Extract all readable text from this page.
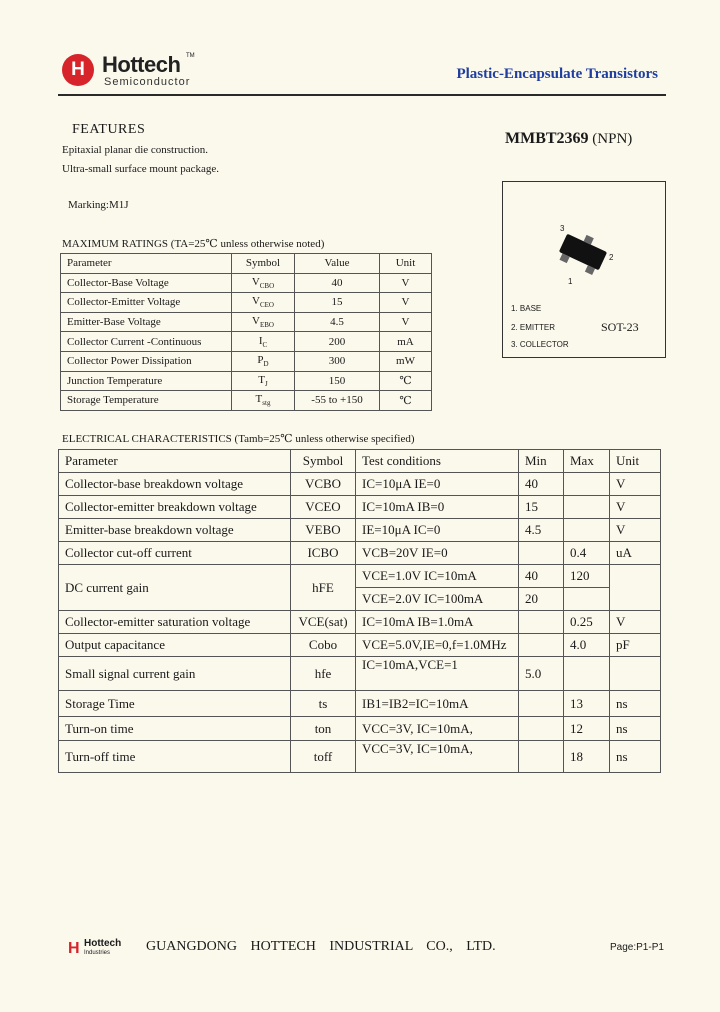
H Hottech TM
Semiconductor	Plastic-Encapsulate Transistors
FEATURES
Epitaxial planar die construction.
Ultra-small surface mount package.
Marking:M1J
MMBT2369 (NPN)
3
2
1
1. BASE
2. EMITTER
3. COLLECTOR
SOT-23
MAXIMUM RATINGS (TA=25℃ unless otherwise noted)
Parameter	Symbol	Value	Unit
Collector-Base Voltage	$V_{CBO}$	40	V
Collector-Emitter Voltage	$V_{CEO}$	15	V
Emitter-Base Voltage	$V_{EBO}$	4.5	V
Collector Current -Continuous	$I_C$	200	mA
Collector Power Dissipation	$P_D$	300	mW
Junction Temperature	$T_J$	150	℃
Storage Temperature	$T_{stg}$	-55 to +150	℃
ELECTRICAL CHARACTERISTICS (Tamb=25℃ unless otherwise specified)
Parameter	Symbol	Test conditions	Min	Max	Unit
Collector-base breakdown voltage	VCBO	IC=10μA IE=0	40		V
Collector-emitter breakdown voltage	VCEO	IC=10mA IB=0	15		V
Emitter-base breakdown voltage	VEBO	IE=10μA IC=0	4.5		V
Collector cut-off current	ICBO	VCB=20V IE=0		0.4	uA
DC current gain	hFE	VCE=1.0V IC=10mA	40	120	
		VCE=2.0V IC=100mA	20		
Collector-emitter saturation voltage	VCE(sat)	IC=10mA IB=1.0mA		0.25	V
Output capacitance	Cobo	VCE=5.0V,IE=0,f=1.0MHz		4.0	pF
Small signal current gain	hfe	IC=10mA,VCE=1	5.0		
Storage Time	ts	IB1=IB2=IC=10mA		13	ns
Turn-on time	ton	VCC=3V, IC=10mA,		12	ns
Turn-off time	toff	VCC=3V, IC=10mA,		18	ns
H Hottech
Industries	GUANGDONG HOTTECH INDUSTRIAL CO., LTD.	Page:P1-P1
